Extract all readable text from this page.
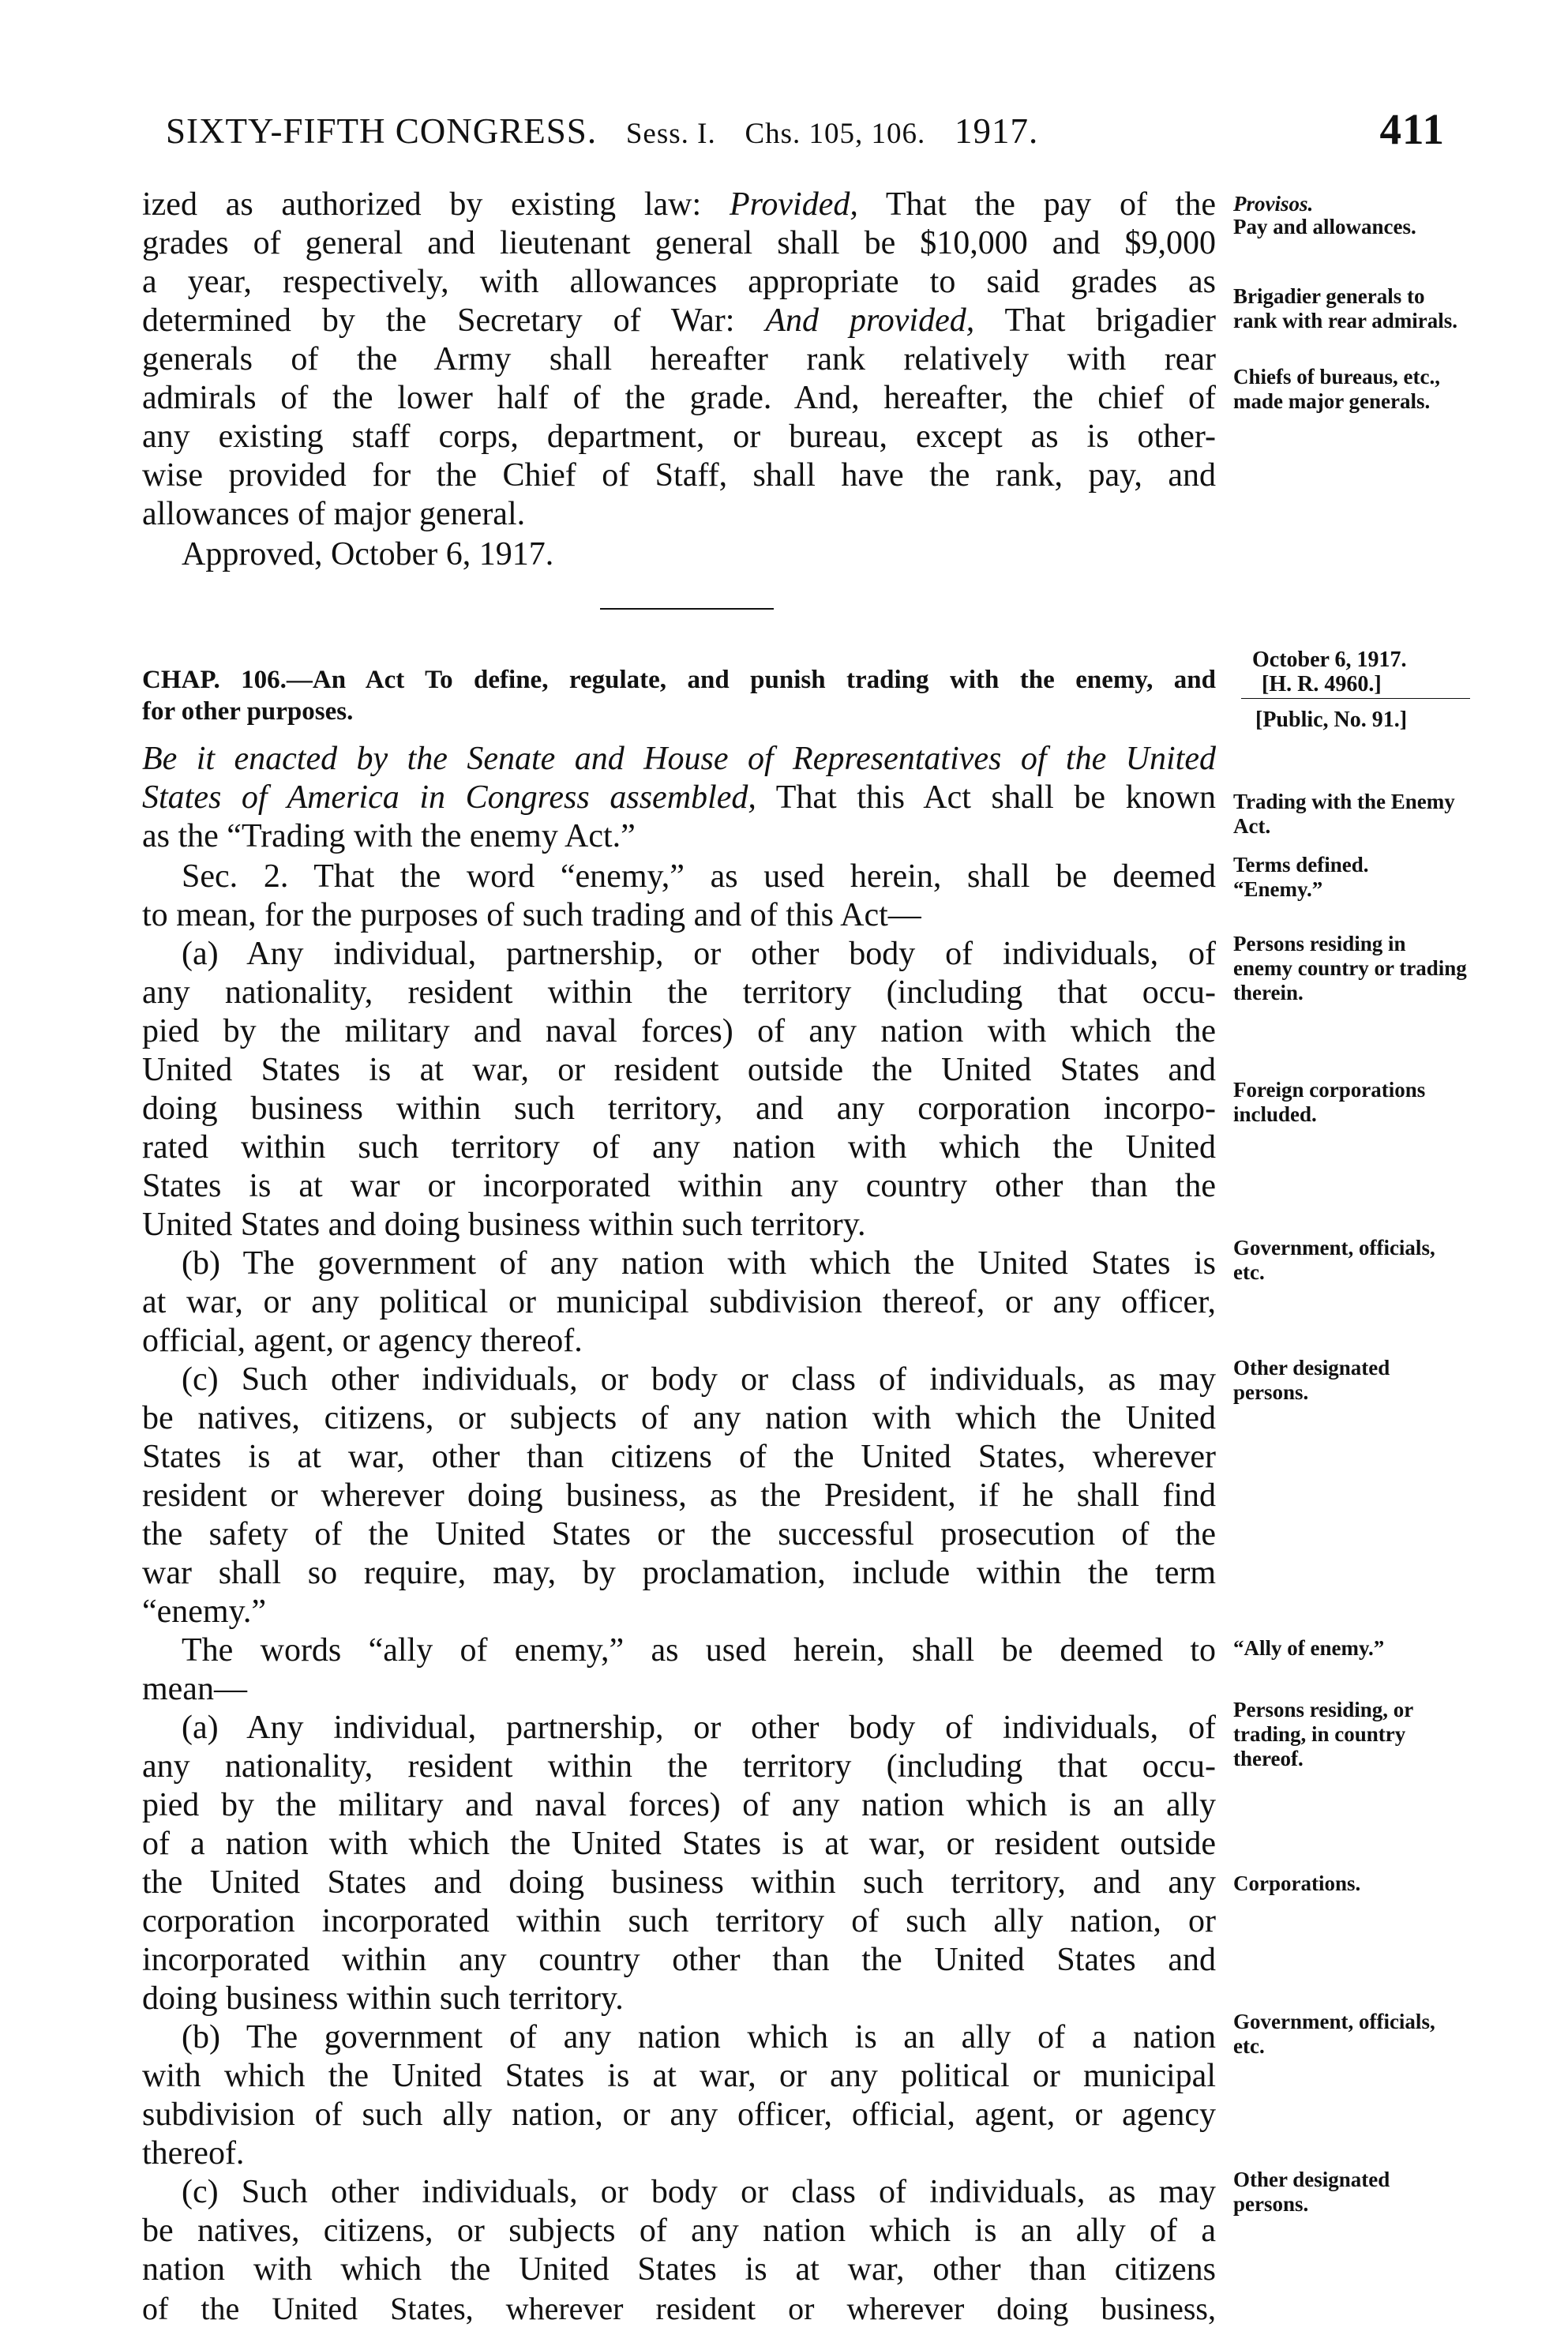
SIXTY-FIFTH CONGRESS. Sess. I. Chs. 105, 106. 1917.	411
ized as authorized by existing law: Provided, That the pay of the
grades of general and lieutenant general shall be $10,000 and $9,000
a year, respectively, with allowances appropriate to said grades as
determined by the Secretary of War: And provided, That brigadier
generals of the Army shall hereafter rank relatively with rear
admirals of the lower half of the grade. And, hereafter, the chief of
any existing staff corps, department, or bureau, except as is other-
wise provided for the Chief of Staff, shall have the rank, pay, and
allowances of major general.
Approved, October 6, 1917.
Provisos.
Pay and allowances.
Brigadier generals to rank with rear admirals.
Chiefs of bureaus, etc., made major generals.
October 6, 1917.
[H. R. 4960.]
[Public, No. 91.]
CHAP. 106.—An Act To define, regulate, and punish trading with the enemy, and
for other purposes.
Be it enacted by the Senate and House of Representatives of the United
States of America in Congress assembled, That this Act shall be known
as the “Trading with the enemy Act.”
Sec. 2. That the word “enemy,” as used herein, shall be deemed
to mean, for the purposes of such trading and of this Act—
(a) Any individual, partnership, or other body of individuals, of
any nationality, resident within the territory (including that occu-
pied by the military and naval forces) of any nation with which the
United States is at war, or resident outside the United States and
doing business within such territory, and any corporation incorpo-
rated within such territory of any nation with which the United
States is at war or incorporated within any country other than the
United States and doing business within such territory.
(b) The government of any nation with which the United States is
at war, or any political or municipal subdivision thereof, or any officer,
official, agent, or agency thereof.
(c) Such other individuals, or body or class of individuals, as may
be natives, citizens, or subjects of any nation with which the United
States is at war, other than citizens of the United States, wherever
resident or wherever doing business, as the President, if he shall find
the safety of the United States or the successful prosecution of the
war shall so require, may, by proclamation, include within the term
“enemy.”
The words “ally of enemy,” as used herein, shall be deemed to
mean—
(a) Any individual, partnership, or other body of individuals, of
any nationality, resident within the territory (including that occu-
pied by the military and naval forces) of any nation which is an ally
of a nation with which the United States is at war, or resident outside
the United States and doing business within such territory, and any
corporation incorporated within such territory of such ally nation, or
incorporated within any country other than the United States and
doing business within such territory.
(b) The government of any nation which is an ally of a nation
with which the United States is at war, or any political or municipal
subdivision of such ally nation, or any officer, official, agent, or agency
thereof.
(c) Such other individuals, or body or class of individuals, as may
be natives, citizens, or subjects of any nation which is an ally of a
nation with which the United States is at war, other than citizens
of the United States, wherever resident or wherever doing business,
Trading with the Enemy Act.
Terms defined.
“Enemy.”
Persons residing in enemy country or trading therein.
Foreign corporations included.
Government, officials, etc.
Other designated persons.
“Ally of enemy.”
Persons residing, or trading, in country thereof.
Corporations.
Government, officials, etc.
Other designated persons.
